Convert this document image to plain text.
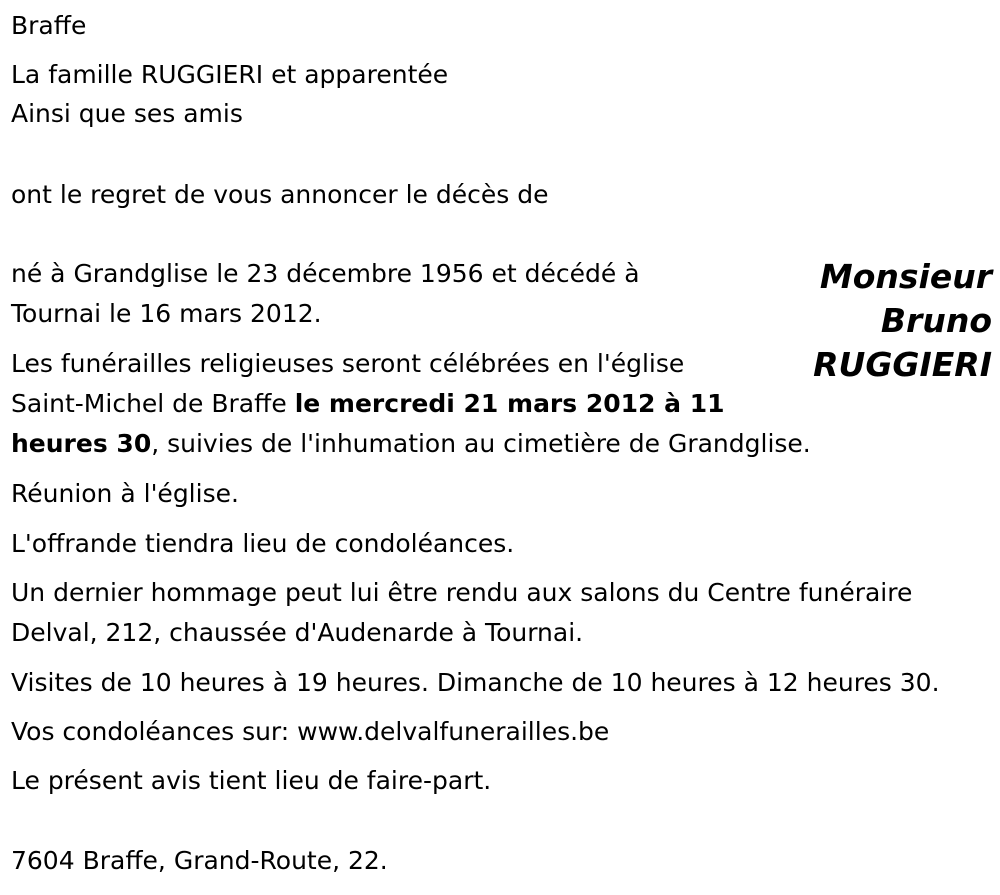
Braffe
La famille RUGGIERI et apparentée
Ainsi que ses amis
ont le regret de vous annoncer le décès de
né à Grandglise le 23 décembre 1956 et décédé à
Tournai le 16 mars 2012.
Les funérailles religieuses seront célébrées en l'église
Saint-Michel de Braffe le mercredi 21 mars 2012 à 11
heures 30, suivies de l'inhumation au cimetière de Grandglise.
Réunion à l'église.
L'offrande tiendra lieu de condoléances.
Un dernier hommage peut lui être rendu aux salons du Centre funéraire
Delval, 212, chaussée d'Audenarde à Tournai.
Visites de 10 heures à 19 heures. Dimanche de 10 heures à 12 heures 30.
Vos condoléances sur: www.delvalfunerailles.be
Le présent avis tient lieu de faire-part.
7604 Braffe, Grand-Route, 22.
Monsieur
Bruno
RUGGIERI
